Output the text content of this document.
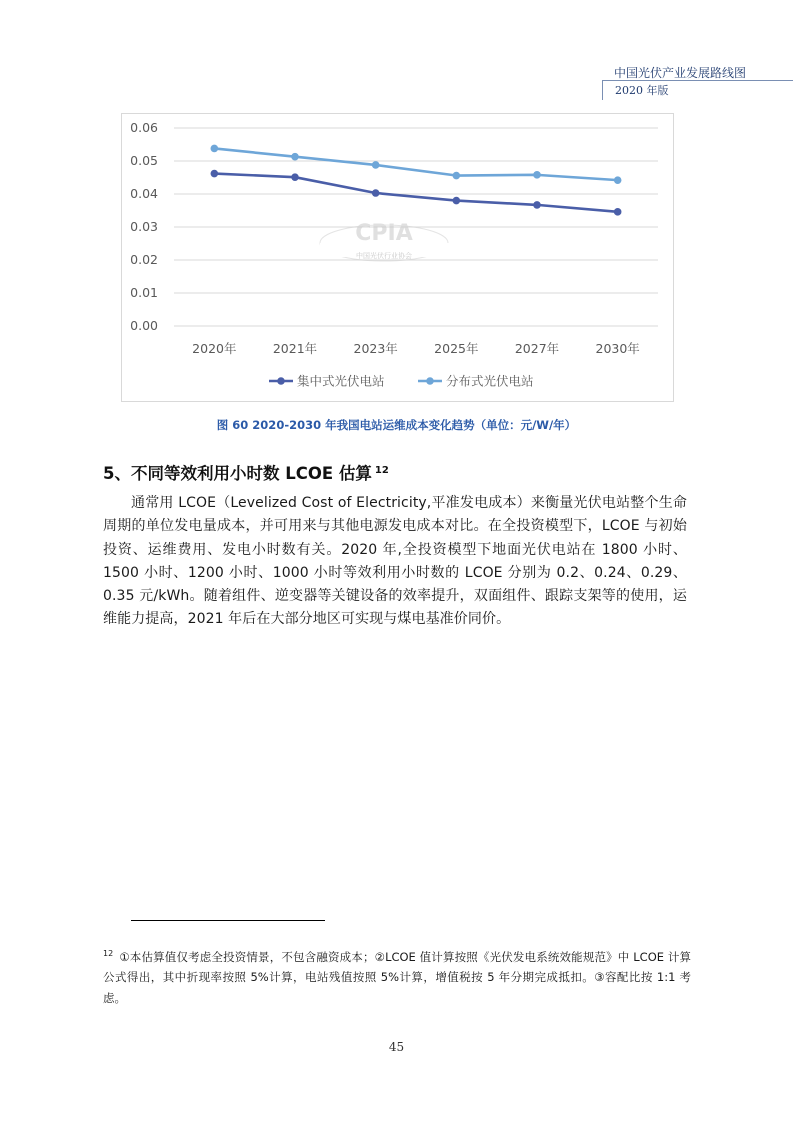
中国光伏产业发展路线图
2020 年版
CPIA
中国光伏行业协会
0.00
0.01
0.02
0.03
0.04
0.05
0.06
2020年	2021年	2023年	2025年	2027年	2030年
集中式光伏电站	分布式光伏电站
图 60 2020-2030 年我国电站运维成本变化趋势（单位：元/W/年）
5、不同等效利用小时数 LCOE 估算 $^{12}$
通常用 LCOE（Levelized Cost of Electricity,平准发电成本）来衡量光伏电站整个生命周期的单位发电量成本，并可用来与其他电源发电成本对比。在全投资模型下，LCOE 与初始投资、运维费用、发电小时数有关。2020 年,全投资模型下地面光伏电站在 1800 小时、1500 小时、1200 小时、1000 小时等效利用小时数的 LCOE 分别为 0.2、0.24、0.29、0.35 元/kWh。随着组件、逆变器等关键设备的效率提升，双面组件、跟踪支架等的使用，运维能力提高，2021 年后在大部分地区可实现与煤电基准价同价。
$^{12}$ ①本估算值仅考虑全投资情景，不包含融资成本；②LCOE 值计算按照《光伏发电系统效能规范》中 LCOE 计算公式得出，其中折现率按照 5%计算，电站残值按照 5%计算，增值税按 5 年分期完成抵扣。③容配比按 1:1 考虑。
45
